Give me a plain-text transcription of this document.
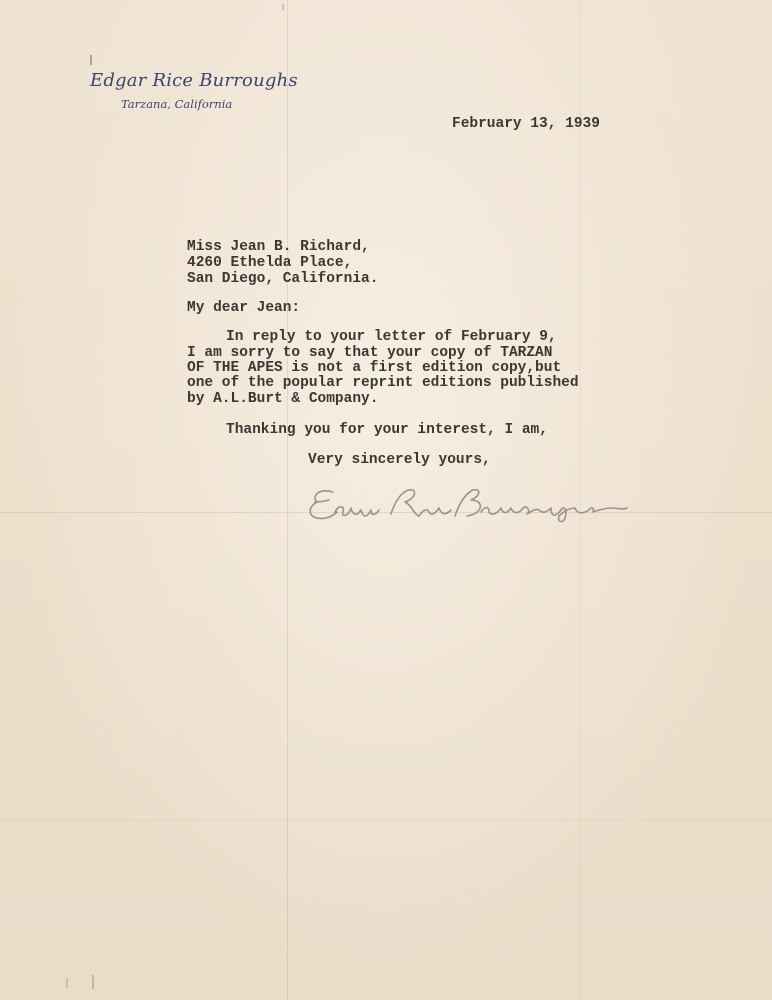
Edgar Rice Burroughs
Tarzana, California
February 13, 1939
Miss Jean B. Richard,
4260 Ethelda Place,
San Diego, California.
My dear Jean:
In reply to your letter of February 9,
I am sorry to say that your copy of TARZAN
OF THE APES is not a first edition copy,but
one of the popular reprint editions published
by A.L.Burt & Company.
Thanking you for your interest, I am,
Very sincerely yours,
